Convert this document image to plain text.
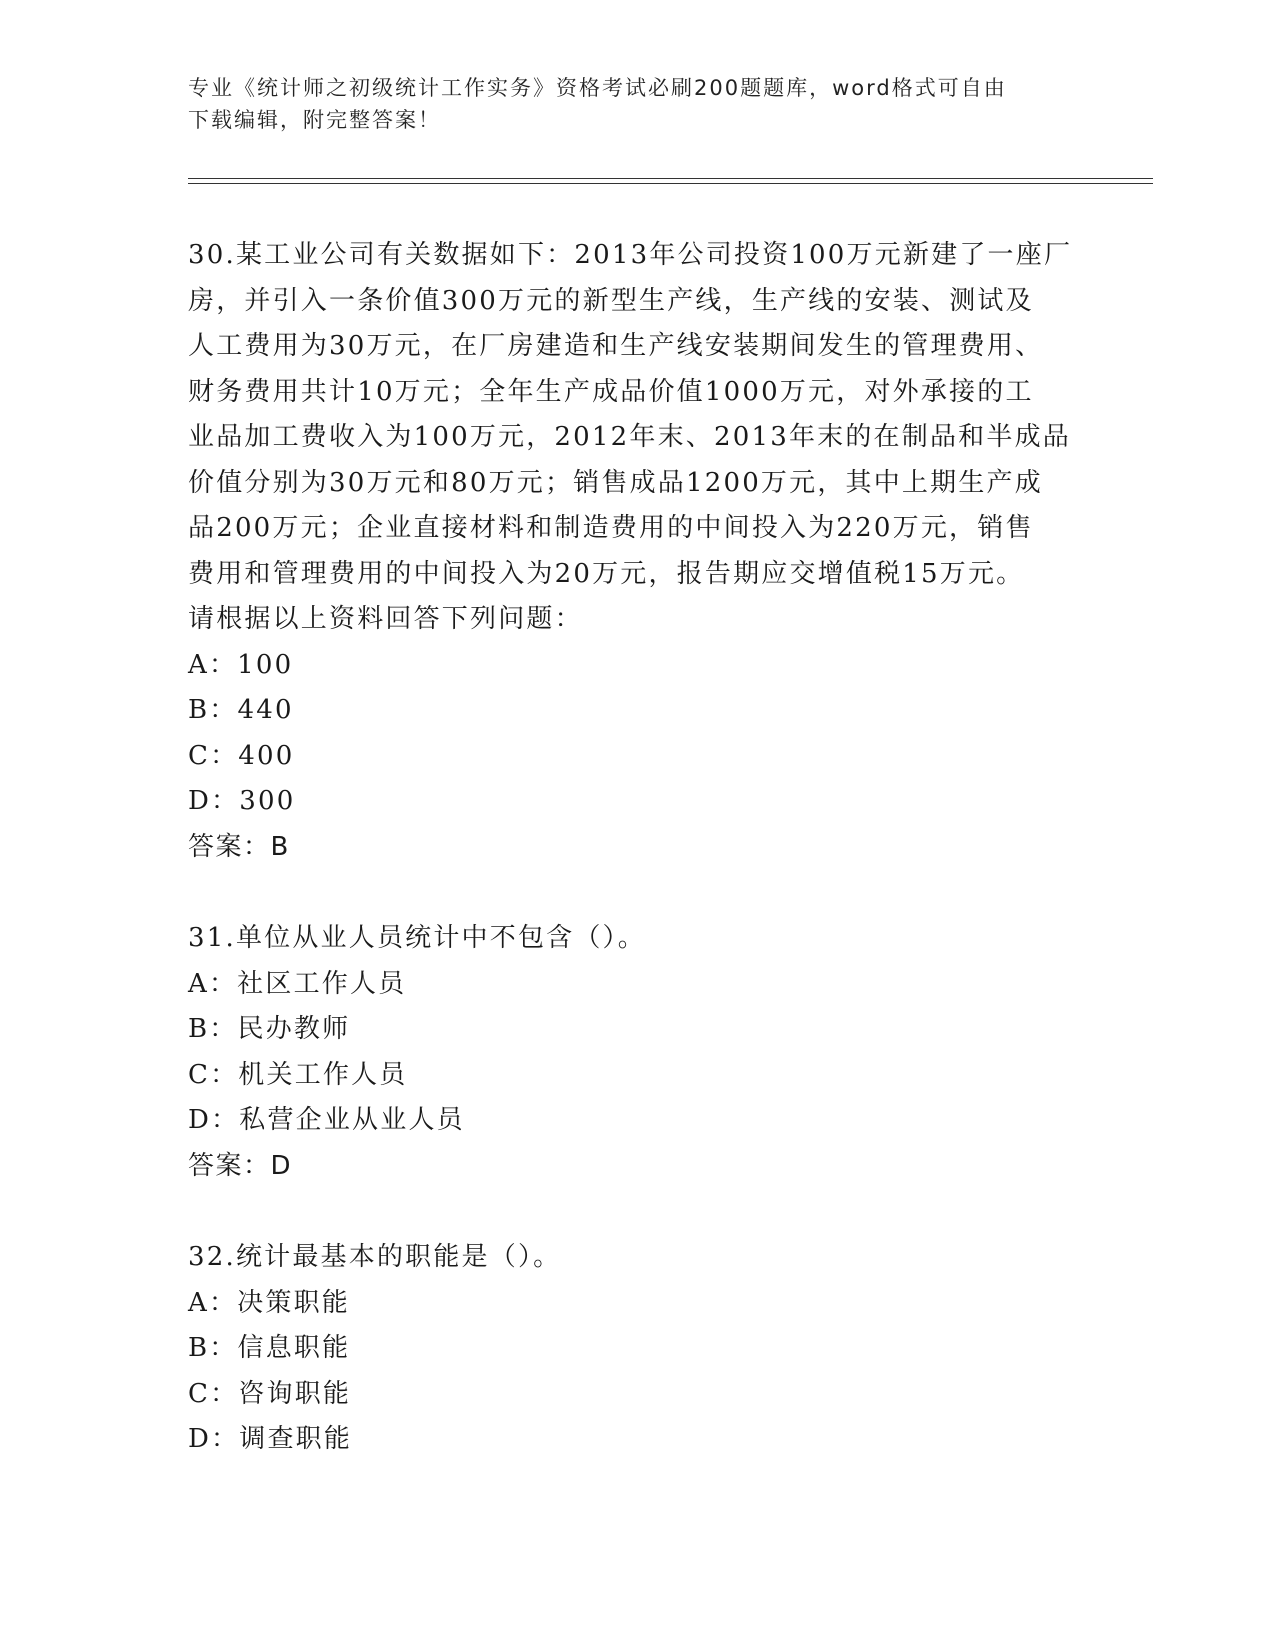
专业《统计师之初级统计工作实务》资格考试必刷200题题库，word格式可自由
下载编辑，附完整答案！
30.某工业公司有关数据如下：2013年公司投资100万元新建了一座厂
房，并引入一条价值300万元的新型生产线，生产线的安装、测试及
人工费用为30万元，在厂房建造和生产线安装期间发生的管理费用、
财务费用共计10万元；全年生产成品价值1000万元，对外承接的工
业品加工费收入为100万元，2012年末、2013年末的在制品和半成品
价值分别为30万元和80万元；销售成品1200万元，其中上期生产成
品200万元；企业直接材料和制造费用的中间投入为220万元，销售
费用和管理费用的中间投入为20万元，报告期应交增值税15万元。
请根据以上资料回答下列问题：
A：100
B：440
C：400
D：300
答案：B
31.单位从业人员统计中不包含（）。
A：社区工作人员
B：民办教师
C：机关工作人员
D：私营企业从业人员
答案：D
32.统计最基本的职能是（）。
A：决策职能
B：信息职能
C：咨询职能
D：调查职能
